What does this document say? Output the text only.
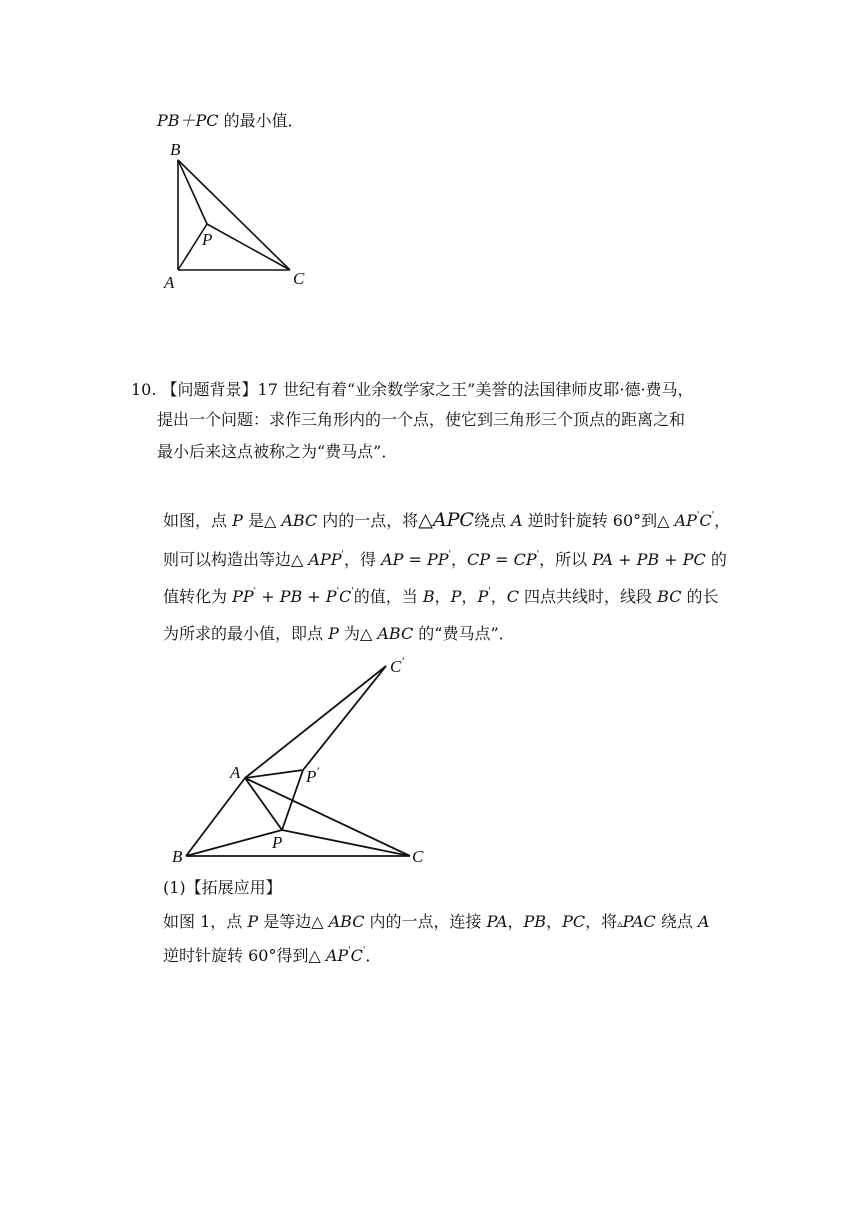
PB＋PC 的最小值．
B
P
A	C
10. 【问题背景】17 世纪有着“业余数学家之王”美誉的法国律师皮耶·德·费马，
提出一个问题：求作三角形内的一个点，使它到三角形三个顶点的距离之和
最小后来这点被称之为“费马点”．
如图，点 P 是△ ABC 内的一点，将△APC绕点 A 逆时针旋转 60°到△ AP'C'，
则可以构造出等边△ APP'，得 AP = PP'，CP = CP'，所以 PA + PB + PC 的
值转化为 PP' + PB + P'C'的值，当 B，P，P'，C 四点共线时，线段 BC 的长
为所求的最小值，即点 P 为△ ABC 的“费马点”．
C′
A	P′
P
B	C
(1)【拓展应用】
如图 1，点 P 是等边△ ABC 内的一点，连接 PA，PB，PC，将▵PAC 绕点 A
逆时针旋转 60°得到△ AP'C'．
